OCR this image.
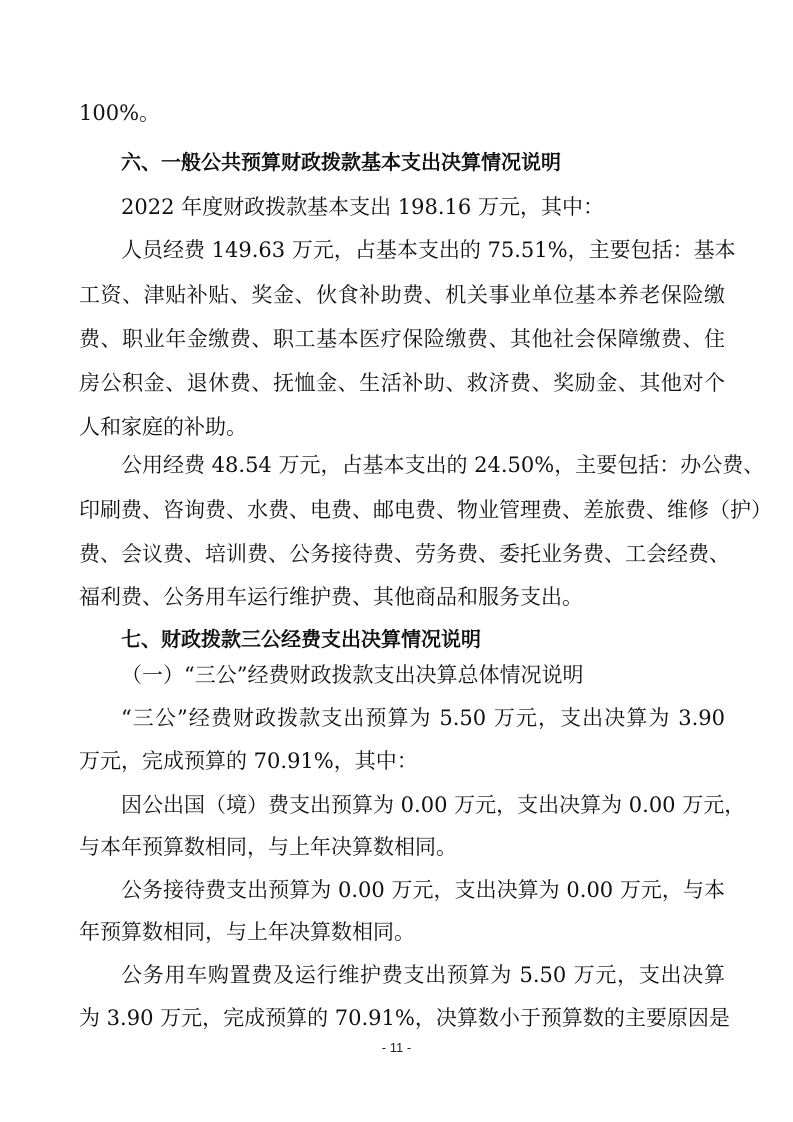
100%。
六、一般公共预算财政拨款基本支出决算情况说明
2022 年度财政拨款基本支出 198.16 万元，其中：
人员经费 149.63 万元，占基本支出的 75.51%，主要包括：基本
工资、津贴补贴、奖金、伙食补助费、机关事业单位基本养老保险缴
费、职业年金缴费、职工基本医疗保险缴费、其他社会保障缴费、住
房公积金、退休费、抚恤金、生活补助、救济费、奖励金、其他对个
人和家庭的补助。
公用经费 48.54 万元，占基本支出的 24.50%，主要包括：办公费、
印刷费、咨询费、水费、电费、邮电费、物业管理费、差旅费、维修（护）
费、会议费、培训费、公务接待费、劳务费、委托业务费、工会经费、
福利费、公务用车运行维护费、其他商品和服务支出。
七、财政拨款三公经费支出决算情况说明
（一）“三公”经费财政拨款支出决算总体情况说明
“三公”经费财政拨款支出预算为 5.50 万元，支出决算为 3.90
万元，完成预算的 70.91%，其中：
因公出国（境）费支出预算为 0.00 万元，支出决算为 0.00 万元，
与本年预算数相同，与上年决算数相同。
公务接待费支出预算为 0.00 万元，支出决算为 0.00 万元，与本
年预算数相同，与上年决算数相同。
公务用车购置费及运行维护费支出预算为 5.50 万元，支出决算
为 3.90 万元，完成预算的 70.91%，决算数小于预算数的主要原因是
- 11 -
